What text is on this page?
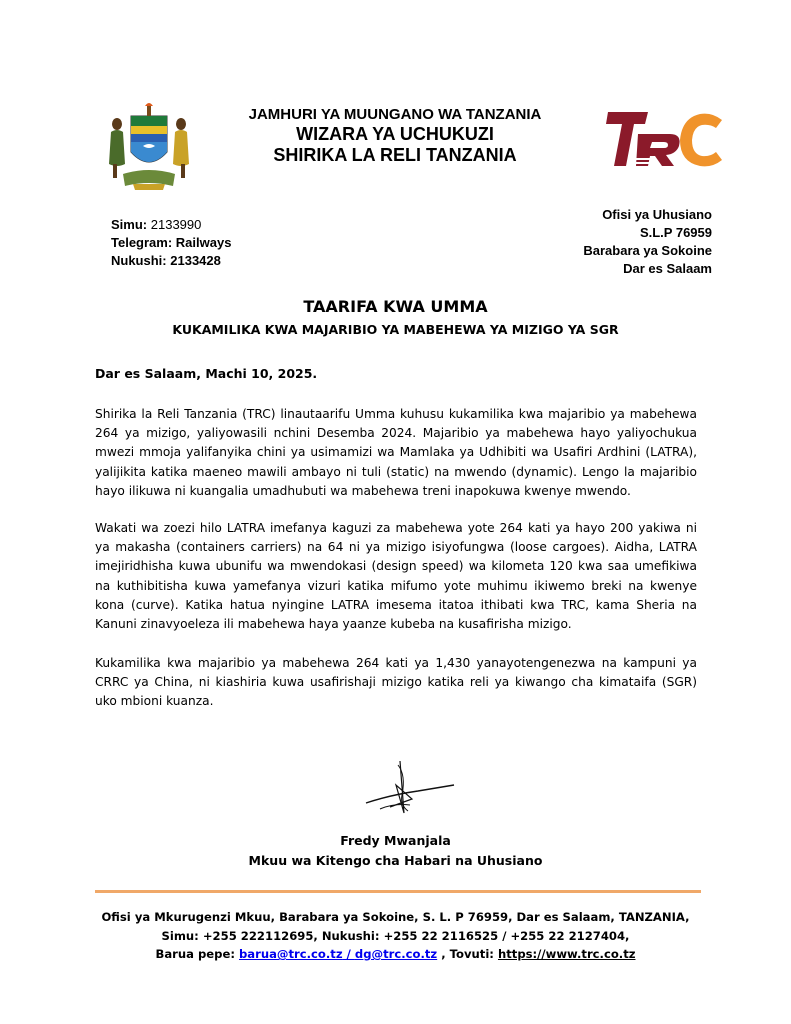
JAMHURI YA MUUNGANO WA TANZANIA
WIZARA YA UCHUKUZI
SHIRIKA LA RELI TANZANIA
Simu: 2133990
Telegram: Railways
Nukushi: 2133428
Ofisi ya Uhusiano
S.L.P 76959
Barabara ya Sokoine
Dar es Salaam
TAARIFA KWA UMMA
KUKAMILIKA KWA MAJARIBIO YA MABEHEWA YA MIZIGO YA SGR
Dar es Salaam, Machi 10, 2025.
Shirika la Reli Tanzania (TRC) linautaarifu Umma kuhusu kukamilika kwa majaribio ya mabehewa 264 ya mizigo, yaliyowasili nchini Desemba 2024. Majaribio ya mabehewa hayo yaliyochukua mwezi mmoja yalifanyika chini ya usimamizi wa Mamlaka ya Udhibiti wa Usafiri Ardhini (LATRA), yalijikita katika maeneo mawili ambayo ni tuli (static) na mwendo (dynamic). Lengo la majaribio hayo ilikuwa ni kuangalia umadhubuti wa mabehewa treni inapokuwa kwenye mwendo.
Wakati wa zoezi hilo LATRA imefanya kaguzi za mabehewa yote 264 kati ya hayo 200 yakiwa ni ya makasha (containers carriers) na 64 ni ya mizigo isiyofungwa (loose cargoes). Aidha, LATRA imejiridhisha kuwa ubunifu wa mwendokasi (design speed) wa kilometa 120 kwa saa umefikiwa na kuthibitisha kuwa yamefanya vizuri katika mifumo yote muhimu ikiwemo breki na kwenye kona (curve). Katika hatua nyingine LATRA imesema itatoa ithibati kwa TRC, kama Sheria na Kanuni zinavyoeleza ili mabehewa haya yaanze kubeba na kusafirisha mizigo.
Kukamilika kwa majaribio ya mabehewa 264 kati ya 1,430 yanayotengenezwa na kampuni ya CRRC ya China, ni kiashiria kuwa usafirishaji mizigo katika reli ya kiwango cha kimataifa (SGR) uko mbioni kuanza.
Fredy Mwanjala
Mkuu wa Kitengo cha Habari na Uhusiano
Ofisi ya Mkurugenzi Mkuu, Barabara ya Sokoine, S. L. P 76959, Dar es Salaam, TANZANIA,
Simu: +255 222112695, Nukushi: +255 22 2116525 / +255 22 2127404,
Barua pepe: barua@trc.co.tz / dg@trc.co.tz , Tovuti: https://www.trc.co.tz
